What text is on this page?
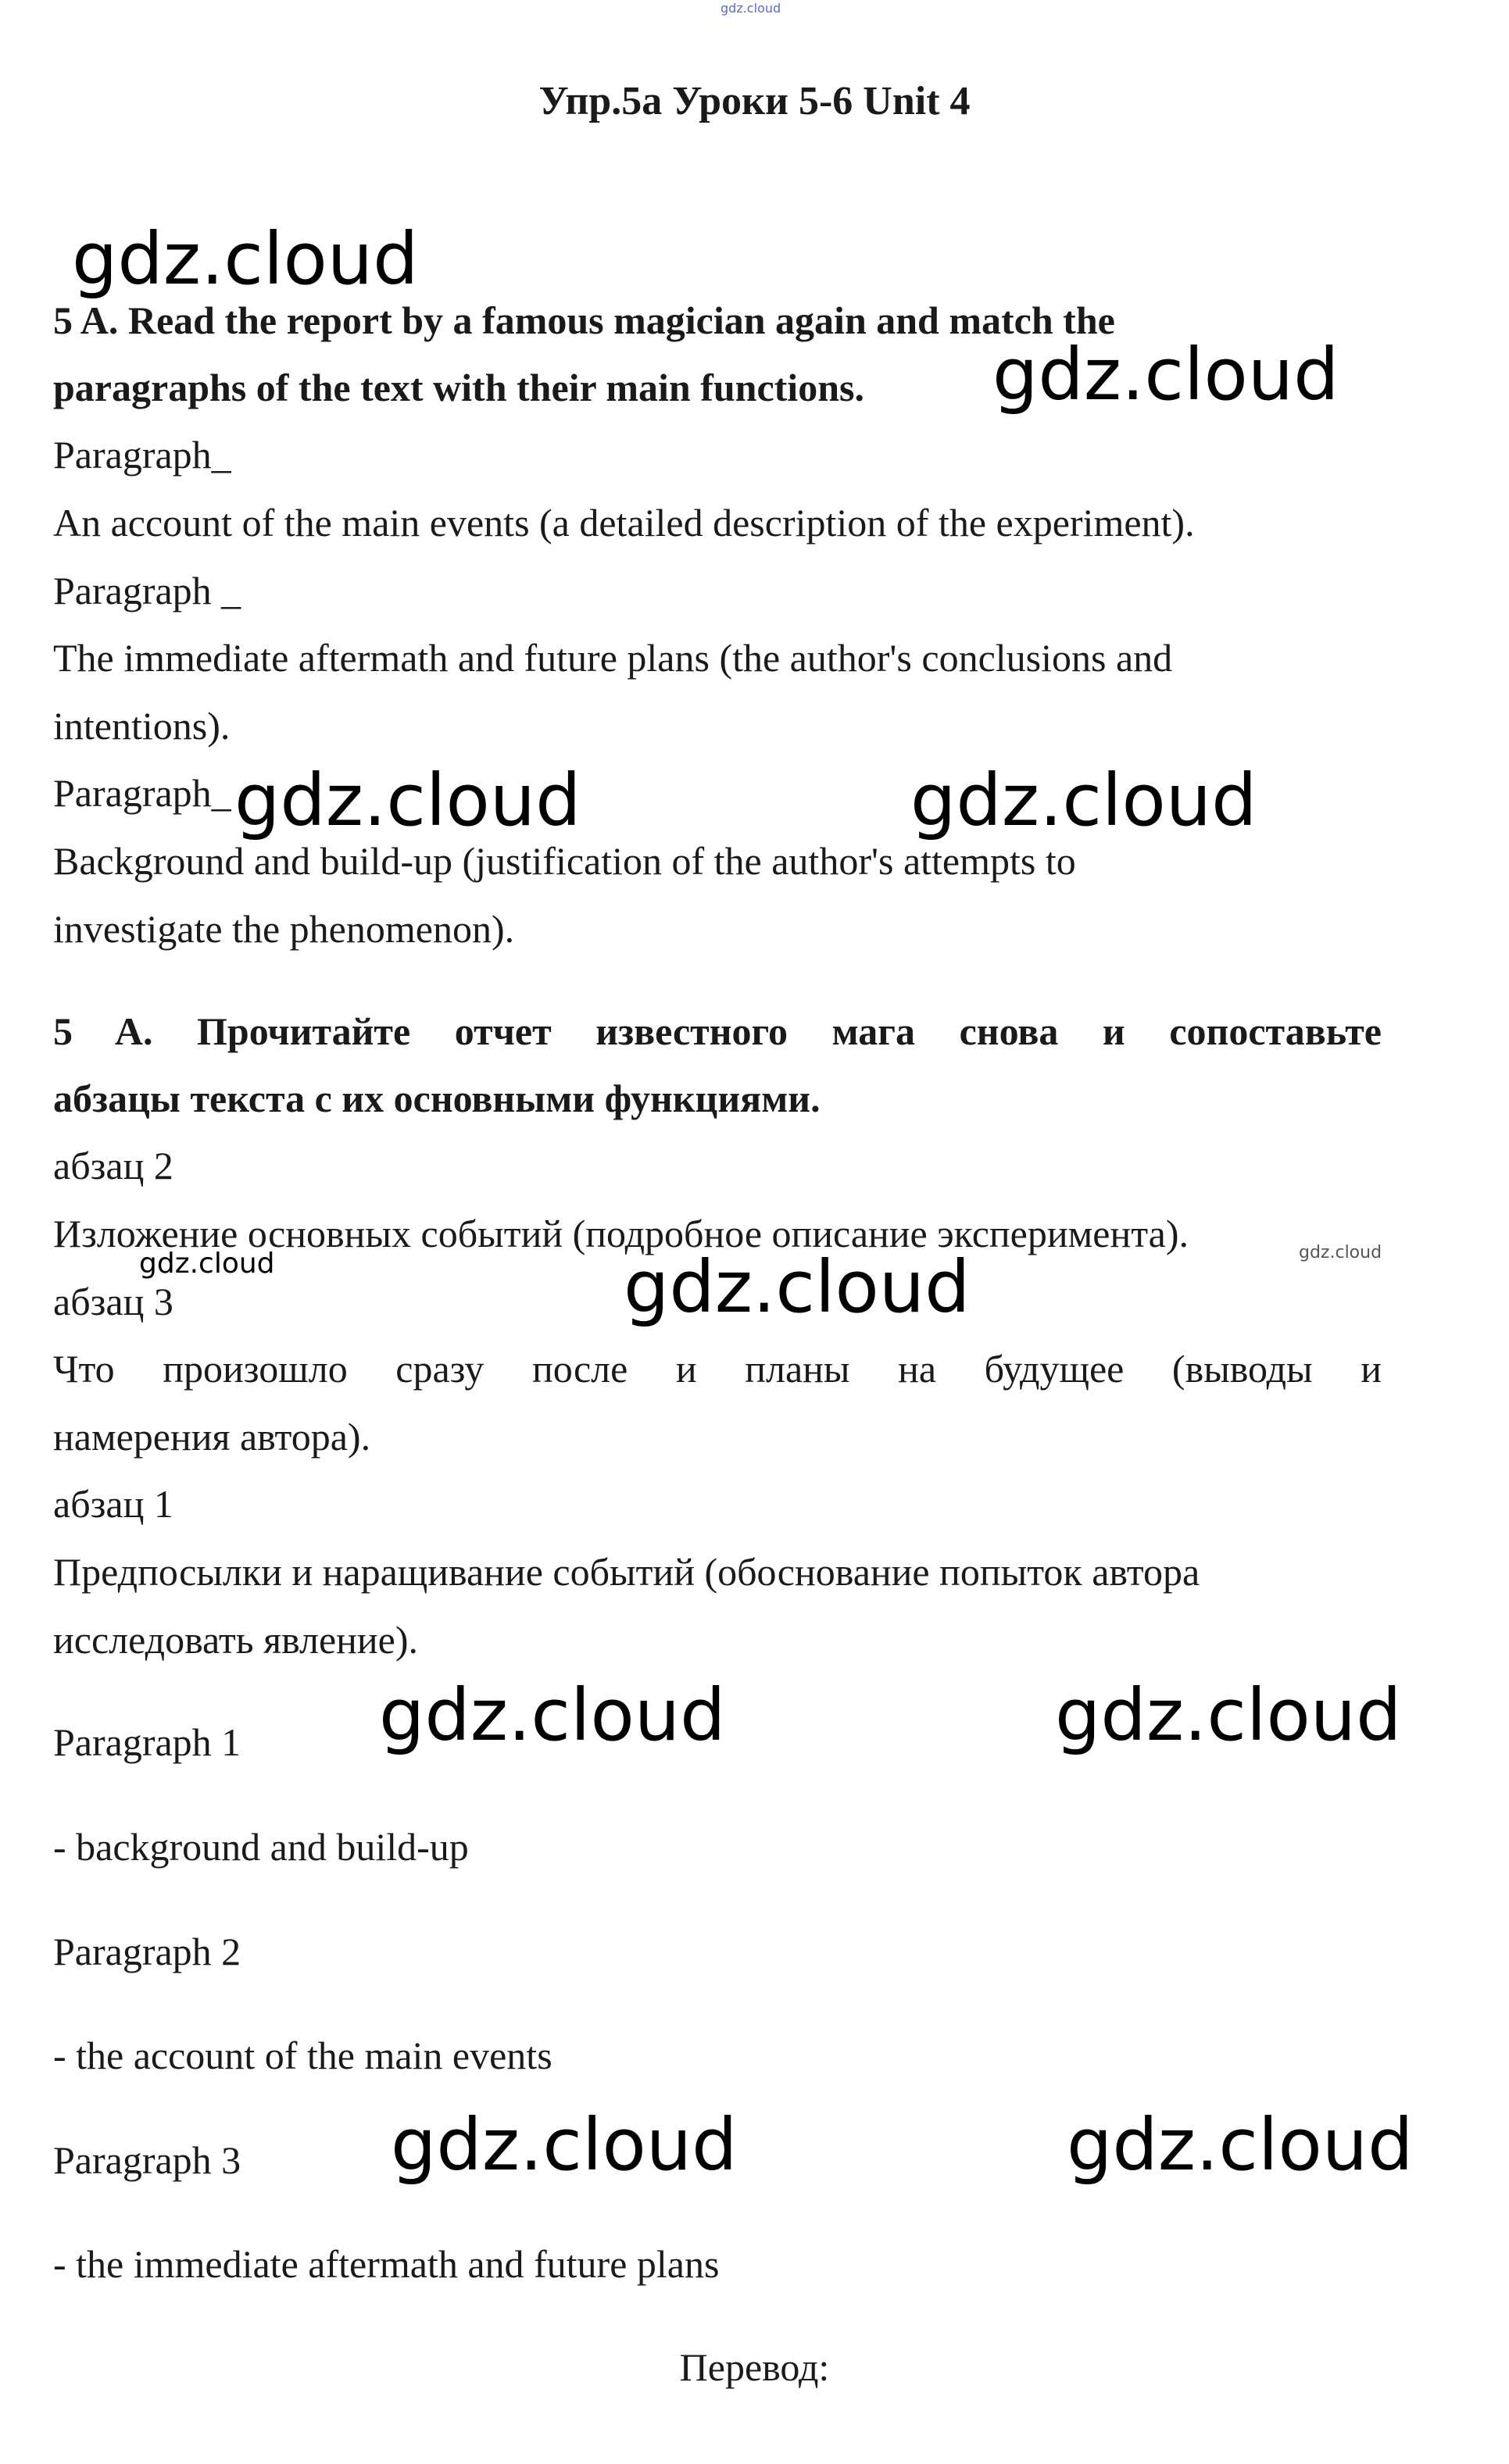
gdz.cloud
Упр.5a Уроки 5-6 Unit 4
gdz.cloud
5 A. Read the report by a famous magician again and match the
paragraphs of the text with their main functions. gdz.cloud
Paragraph_
An account of the main events (a detailed description of the experiment).
Paragraph _
The immediate aftermath and future plans (the author's conclusions and
intentions).
Paragraph_ gdz.cloud	gdz.cloud
Background and build-up (justification of the author's attempts to
investigate the phenomenon).
5 A. Прочитайте отчет известного мага снова и сопоставьте
абзацы текста с их основными функциями.
абзац 2
Изложение основных событий (подробное описание эксперимента).
gdz.cloud	gdz.cloud
абзац 3	gdz.cloud
Что произошло сразу после и планы на будущее (выводы и
намерения автора).
абзац 1
Предпосылки и наращивание событий (обоснование попыток автора
исследовать явление).
Paragraph 1 gdz.cloud	gdz.cloud
- background and build-up
Paragraph 2
- the account of the main events
Paragraph 3 gdz.cloud	gdz.cloud
- the immediate aftermath and future plans
Перевод:
